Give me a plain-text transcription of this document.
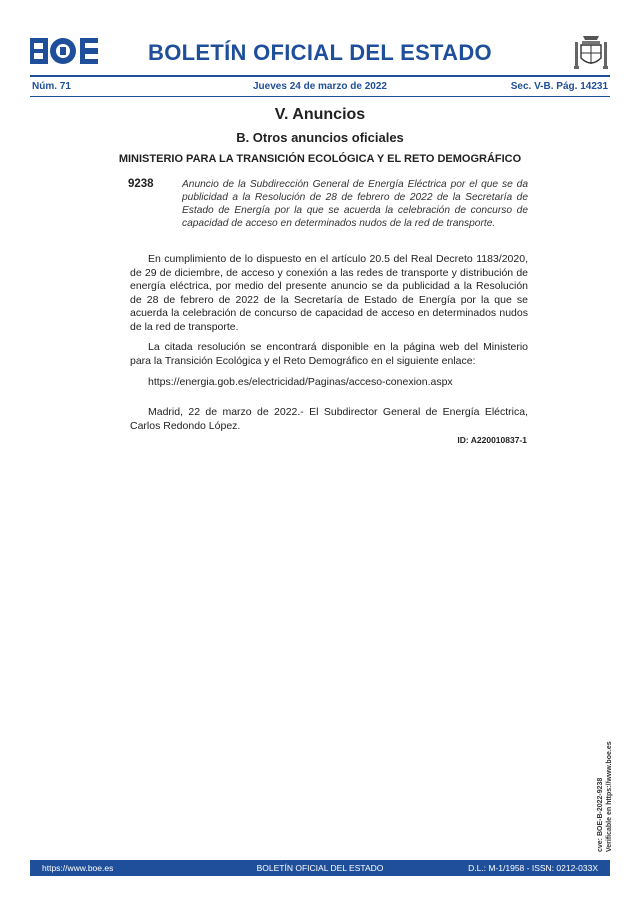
BOLETÍN OFICIAL DEL ESTADO
Núm. 71	Jueves 24 de marzo de 2022	Sec. V-B. Pág. 14231
V. Anuncios
B. Otros anuncios oficiales
MINISTERIO PARA LA TRANSICIÓN ECOLÓGICA Y EL RETO DEMOGRÁFICO
9238	Anuncio de la Subdirección General de Energía Eléctrica por el que se da publicidad a la Resolución de 28 de febrero de 2022 de la Secretaría de Estado de Energía por la que se acuerda la celebración de concurso de capacidad de acceso en determinados nudos de la red de transporte.

En cumplimiento de lo dispuesto en el artículo 20.5 del Real Decreto 1183/2020, de 29 de diciembre, de acceso y conexión a las redes de transporte y distribución de energía eléctrica, por medio del presente anuncio se da publicidad a la Resolución de 28 de febrero de 2022 de la Secretaría de Estado de Energía por la que se acuerda la celebración de concurso de capacidad de acceso en determinados nudos de la red de transporte.

La citada resolución se encontrará disponible en la página web del Ministerio para la Transición Ecológica y el Reto Demográfico en el siguiente enlace:

https://energia.gob.es/electricidad/Paginas/acceso-conexion.aspx

Madrid, 22 de marzo de 2022.- El Subdirector General de Energía Eléctrica, Carlos Redondo López.

ID: A220010837-1
cve: BOE-B-2022-9238 Verificable en https://www.boe.es
https://www.boe.es	BOLETÍN OFICIAL DEL ESTADO	D.L.: M-1/1958 - ISSN: 0212-033X
